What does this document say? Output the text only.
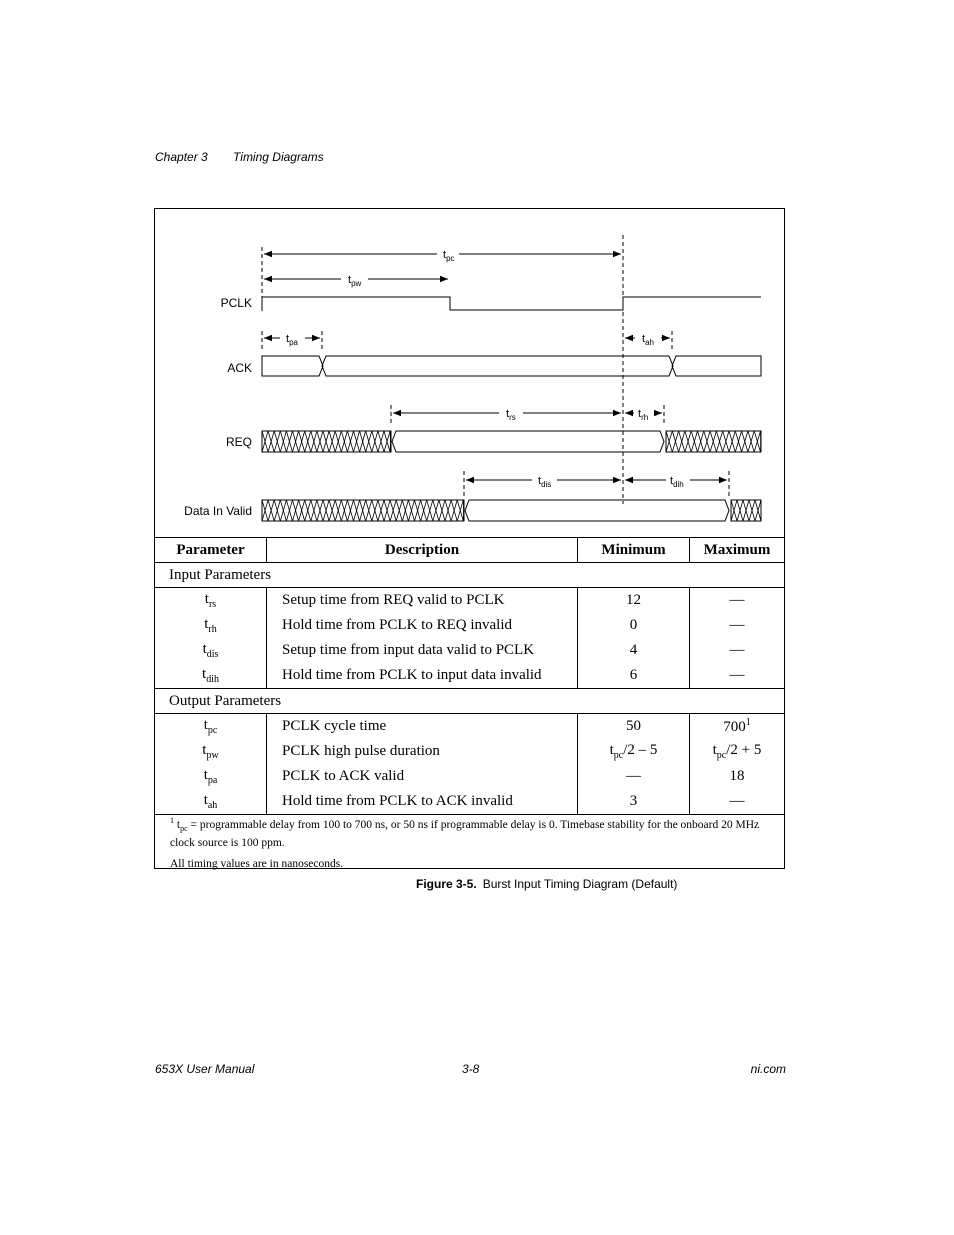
Chapter 3 Timing Diagrams
PCLK
ACK
REQ
Data In Valid
$t_{pc}$
$t_{pw}$
$t_{pa}$	$t_{ah}$
$t_{rs}$	$t_{rh}$
$t_{dis}$	$t_{dih}$
Parameter	Description	Minimum	Maximum
Input Parameters			
$t_{rs}$	Setup time from REQ valid to PCLK	12	—
$t_{rh}$	Hold time from PCLK to REQ invalid	0	—
$t_{dis}$	Setup time from input data valid to PCLK	4	—
$t_{dih}$	Hold time from PCLK to input data invalid	6	—
Output Parameters			
$t_{pc}$	PCLK cycle time	50	$700^1$
$t_{pw}$	PCLK high pulse duration	$t_{pc}/2 - 5$	$t_{pc}/2 + 5$
$t_{pa}$	PCLK to ACK valid	—	18
$t_{ah}$	Hold time from PCLK to ACK invalid	3	—
$^1$ $t_{pc}$ = programmable delay from 100 to 700 ns, or 50 ns if programmable delay is 0. Timebase stability for the onboard 20 MHz clock source is 100 ppm.
All timing values are in nanoseconds.
Figure 3-5. Burst Input Timing Diagram (Default)
653X User Manual	3-8	ni.com
